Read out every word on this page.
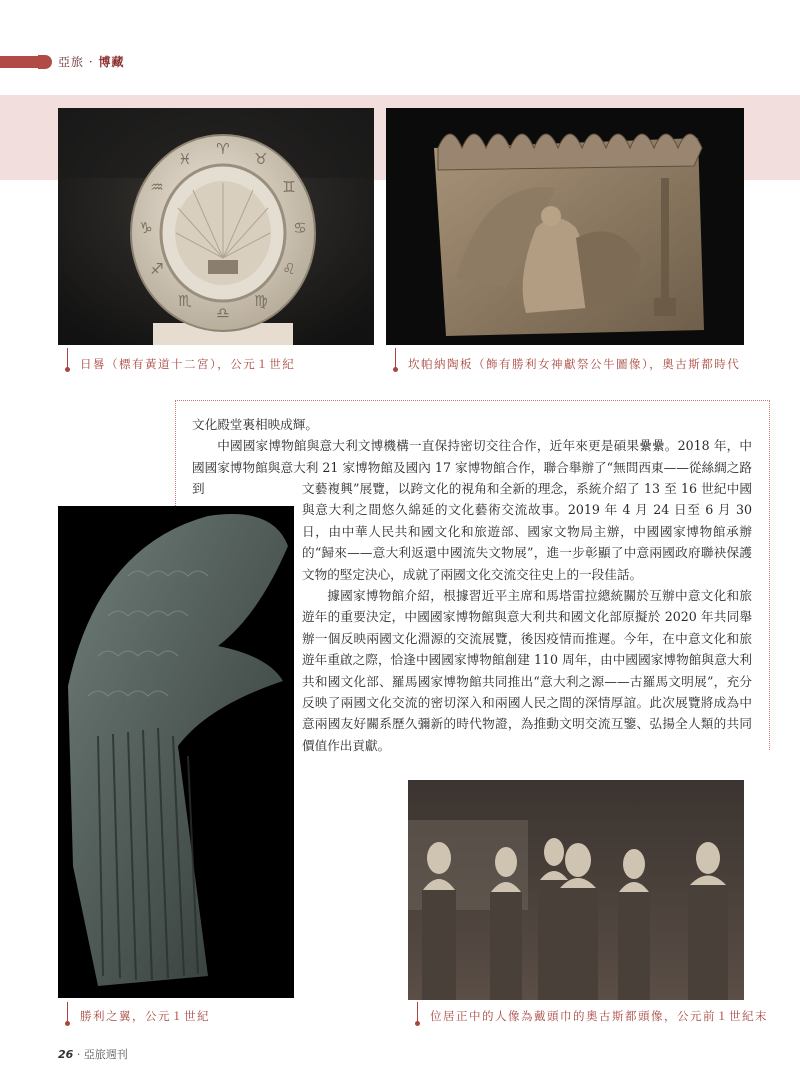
亞旅 · 博藏
♈
♉
♊
♋
♌
♍
♎
♏
♐
♑
♒
♓
日晷（標有黃道十二宮），公元１世紀	坎帕納陶板（飾有勝利女神獻祭公牛圖像），奧古斯都時代

文化殿堂裏相映成輝。

中國國家博物館與意大利文博機構一直保持密切交往合作，近年來更是碩果纍纍。2018 年，中國國家博物館與意大利 21 家博物館及國內 17 家博物館合作，聯合舉辦了“無問西東——從絲綢之路到	文藝複興”展覽，以跨文化的視角和全新的理念，系統介紹了 13 至 16 世紀中國與意大利之間悠久綿延的文化藝術交流故事。2019 年 4 月 24 日至 6 月 30 日，由中華人民共和國文化和旅遊部、國家文物局主辦，中國國家博物館承辦的“歸來——意大利返還中國流失文物展”，進一步彰顯了中意兩國政府聯袂保護文物的堅定決心，成就了兩國文化交流交往史上的一段佳話。

據國家博物館介紹，根據習近平主席和馬塔雷拉總統關於互辦中意文化和旅遊年的重要決定，中國國家博物館與意大利共和國文化部原擬於 2020 年共同舉辦一個反映兩國文化淵源的交流展覽，後因疫情而推遲。今年，在中意文化和旅遊年重啟之際，恰逢中國國家博物館創建 110 周年，由中國國家博物館與意大利共和國文化部、羅馬國家博物館共同推出“意大利之源——古羅馬文明展”，充分反映了兩國文化交流的密切深入和兩國人民之間的深情厚誼。此次展覽將成為中意兩國友好關系歷久彌新的時代物證，為推動文明交流互鑒、弘揚全人類的共同價值作出貢獻。

勝利之翼，公元１世紀	位居正中的人像為戴頭巾的奧古斯都頭像，公元前１世紀末
26 · 亞旅週刊
